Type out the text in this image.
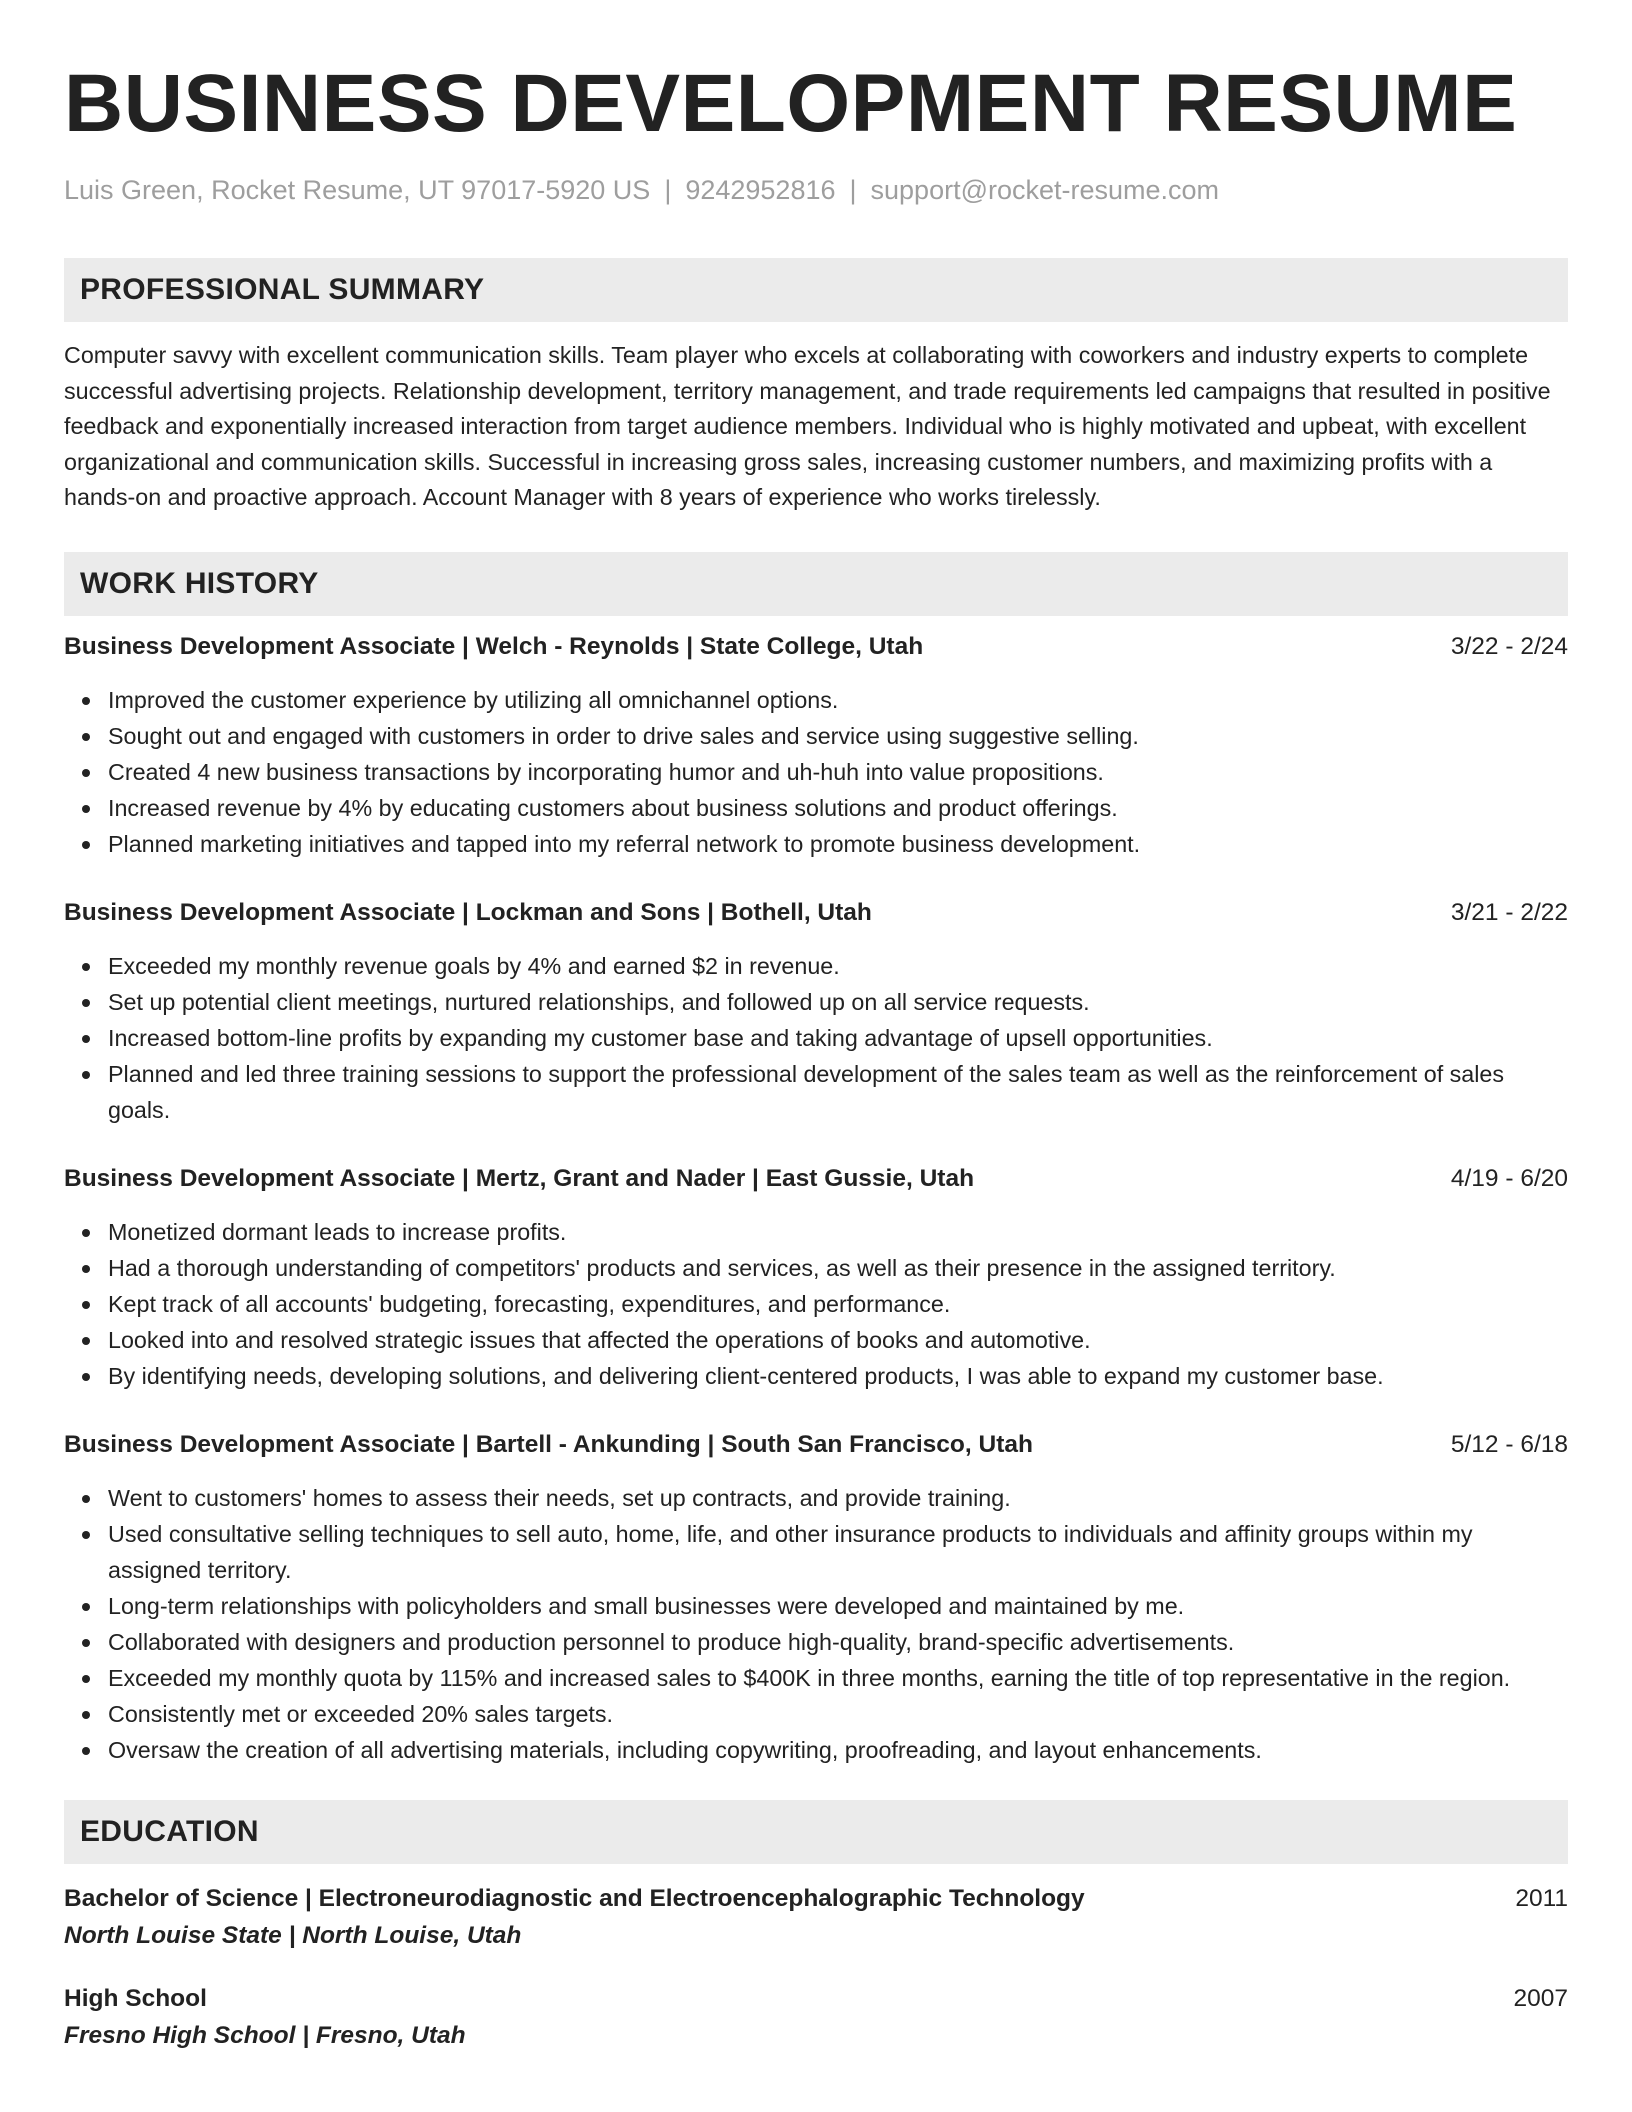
BUSINESS DEVELOPMENT RESUME
Luis Green, Rocket Resume, UT 97017-5920 US | 9242952816 | support@rocket-resume.com
PROFESSIONAL SUMMARY

Computer savvy with excellent communication skills. Team player who excels at collaborating with coworkers and industry experts to complete successful advertising projects. Relationship development, territory management, and trade requirements led campaigns that resulted in positive feedback and exponentially increased interaction from target audience members. Individual who is highly motivated and upbeat, with excellent organizational and communication skills. Successful in increasing gross sales, increasing customer numbers, and maximizing profits with a hands-on and proactive approach. Account Manager with 8 years of experience who works tirelessly.

WORK HISTORY
Business Development Associate | Welch - Reynolds | State College, Utah	3/22 - 2/24
Improved the customer experience by utilizing all omnichannel options.
Sought out and engaged with customers in order to drive sales and service using suggestive selling.
Created 4 new business transactions by incorporating humor and uh-huh into value propositions.
Increased revenue by 4% by educating customers about business solutions and product offerings.
Planned marketing initiatives and tapped into my referral network to promote business development.
Business Development Associate | Lockman and Sons | Bothell, Utah	3/21 - 2/22
Exceeded my monthly revenue goals by 4% and earned $2 in revenue.
Set up potential client meetings, nurtured relationships, and followed up on all service requests.
Increased bottom-line profits by expanding my customer base and taking advantage of upsell opportunities.
Planned and led three training sessions to support the professional development of the sales team as well as the reinforcement of sales goals.
Business Development Associate | Mertz, Grant and Nader | East Gussie, Utah	4/19 - 6/20
Monetized dormant leads to increase profits.
Had a thorough understanding of competitors' products and services, as well as their presence in the assigned territory.
Kept track of all accounts' budgeting, forecasting, expenditures, and performance.
Looked into and resolved strategic issues that affected the operations of books and automotive.
By identifying needs, developing solutions, and delivering client-centered products, I was able to expand my customer base.
Business Development Associate | Bartell - Ankunding | South San Francisco, Utah	5/12 - 6/18
Went to customers' homes to assess their needs, set up contracts, and provide training.
Used consultative selling techniques to sell auto, home, life, and other insurance products to individuals and affinity groups within my assigned territory.
Long-term relationships with policyholders and small businesses were developed and maintained by me.
Collaborated with designers and production personnel to produce high-quality, brand-specific advertisements.
Exceeded my monthly quota by 115% and increased sales to $400K in three months, earning the title of top representative in the region.
Consistently met or exceeded 20% sales targets.
Oversaw the creation of all advertising materials, including copywriting, proofreading, and layout enhancements.
EDUCATION
Bachelor of Science | Electroneurodiagnostic and Electroencephalographic Technology	2011
North Louise State | North Louise, Utah
High School	2007
Fresno High School | Fresno, Utah
